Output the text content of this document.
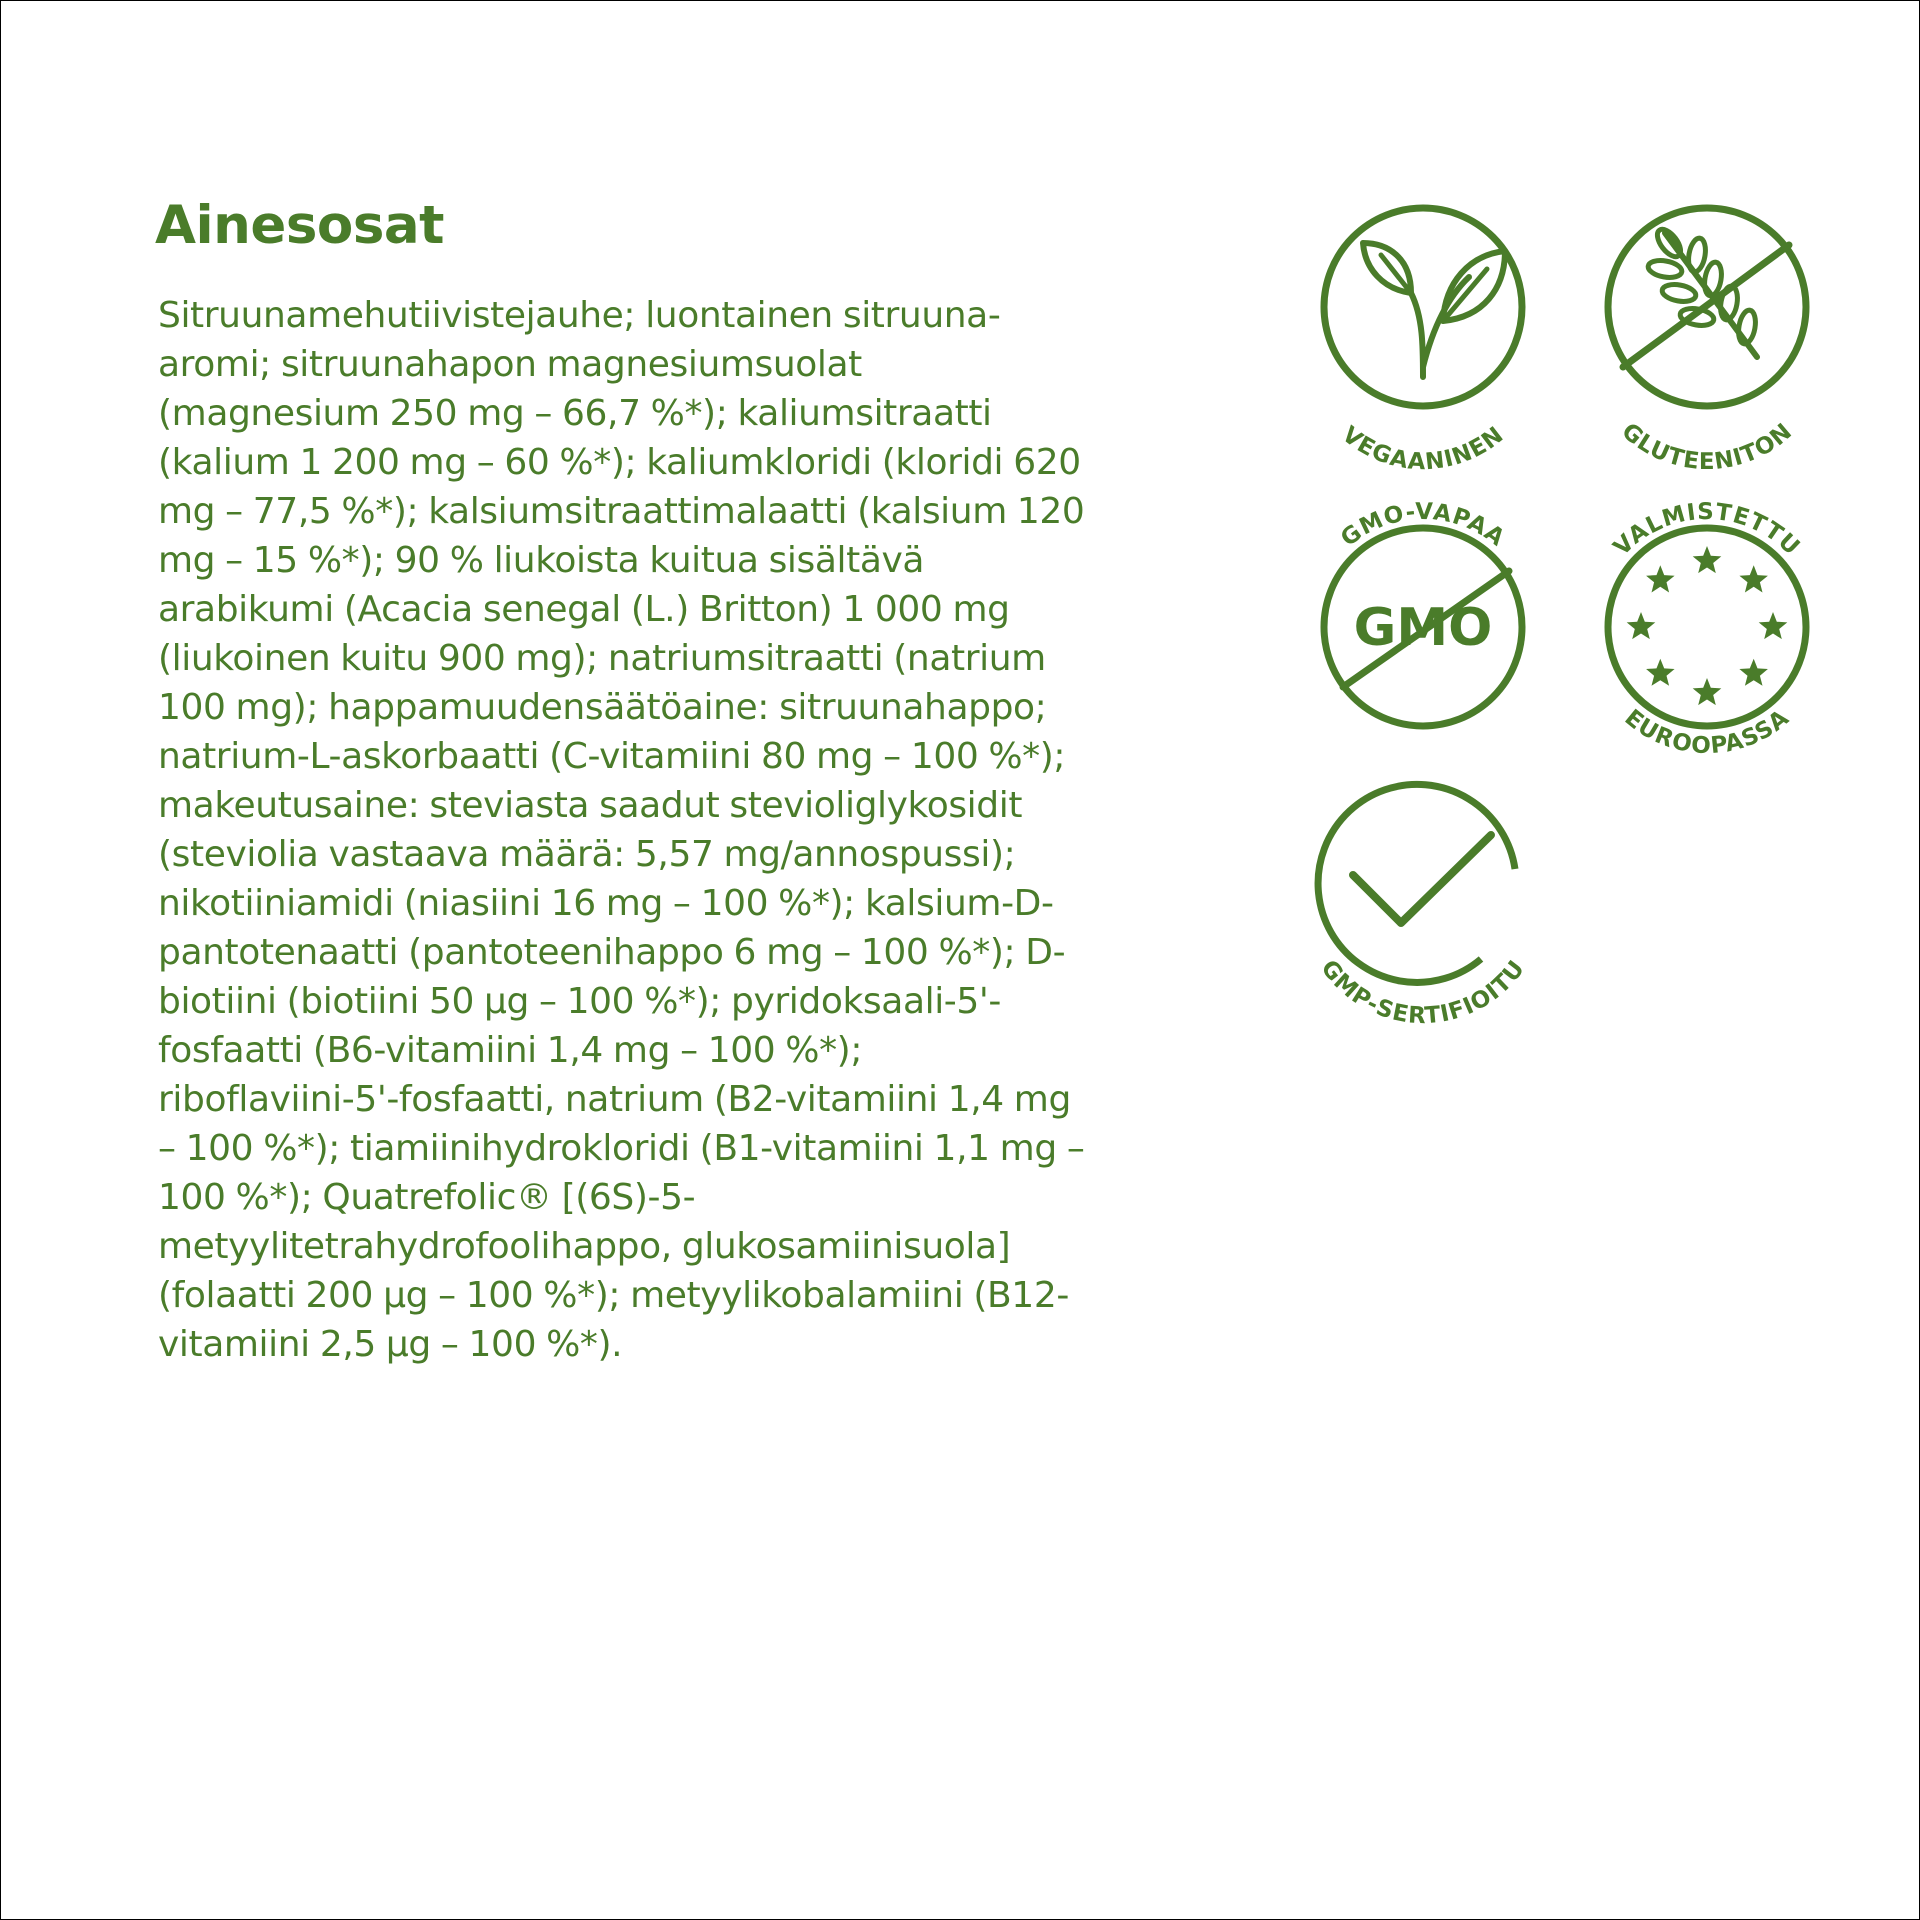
Ainesosat
Sitruunamehutiivistejauhe; luontainen sitruuna-
aromi; sitruunahapon magnesiumsuolat
(magnesium 250 mg – 66,7 %*); kaliumsitraatti
(kalium 1 200 mg – 60 %*); kaliumkloridi (kloridi 620
mg – 77,5 %*); kalsiumsitraattimalaatti (kalsium 120
mg – 15 %*); 90 % liukoista kuitua sisältävä
arabikumi (Acacia senegal (L.) Britton) 1 000 mg
(liukoinen kuitu 900 mg); natriumsitraatti (natrium
100 mg); happamuudensäätöaine: sitruunahappo;
natrium-L-askorbaatti (C-vitamiini 80 mg – 100 %*);
makeutusaine: steviasta saadut stevioliglykosidit
(steviolia vastaava määrä: 5,57 mg/annospussi);
nikotiiniamidi (niasiini 16 mg – 100 %*); kalsium-D-
pantotenaatti (pantoteenihappo 6 mg – 100 %*); D-
biotiini (biotiini 50 µg – 100 %*); pyridoksaali-5'-
fosfaatti (B6-vitamiini 1,4 mg – 100 %*);
riboflaviini-5'-fosfaatti, natrium (B2-vitamiini 1,4 mg
– 100 %*); tiamiinihydrokloridi (B1-vitamiini 1,1 mg –
100 %*); Quatrefolic® [(6S)-5-
metyylitetrahydrofoolihappo, glukosamiinisuola]
(folaatti 200 µg – 100 %*); metyylikobalamiini (B12-
vitamiini 2,5 µg – 100 %*).
VEGAANINEN	GLUTEENITON
GMO-VAPAA
GMO
VALMISTETTU
EUROOPASSA
GMP-SERTIFIOITU
